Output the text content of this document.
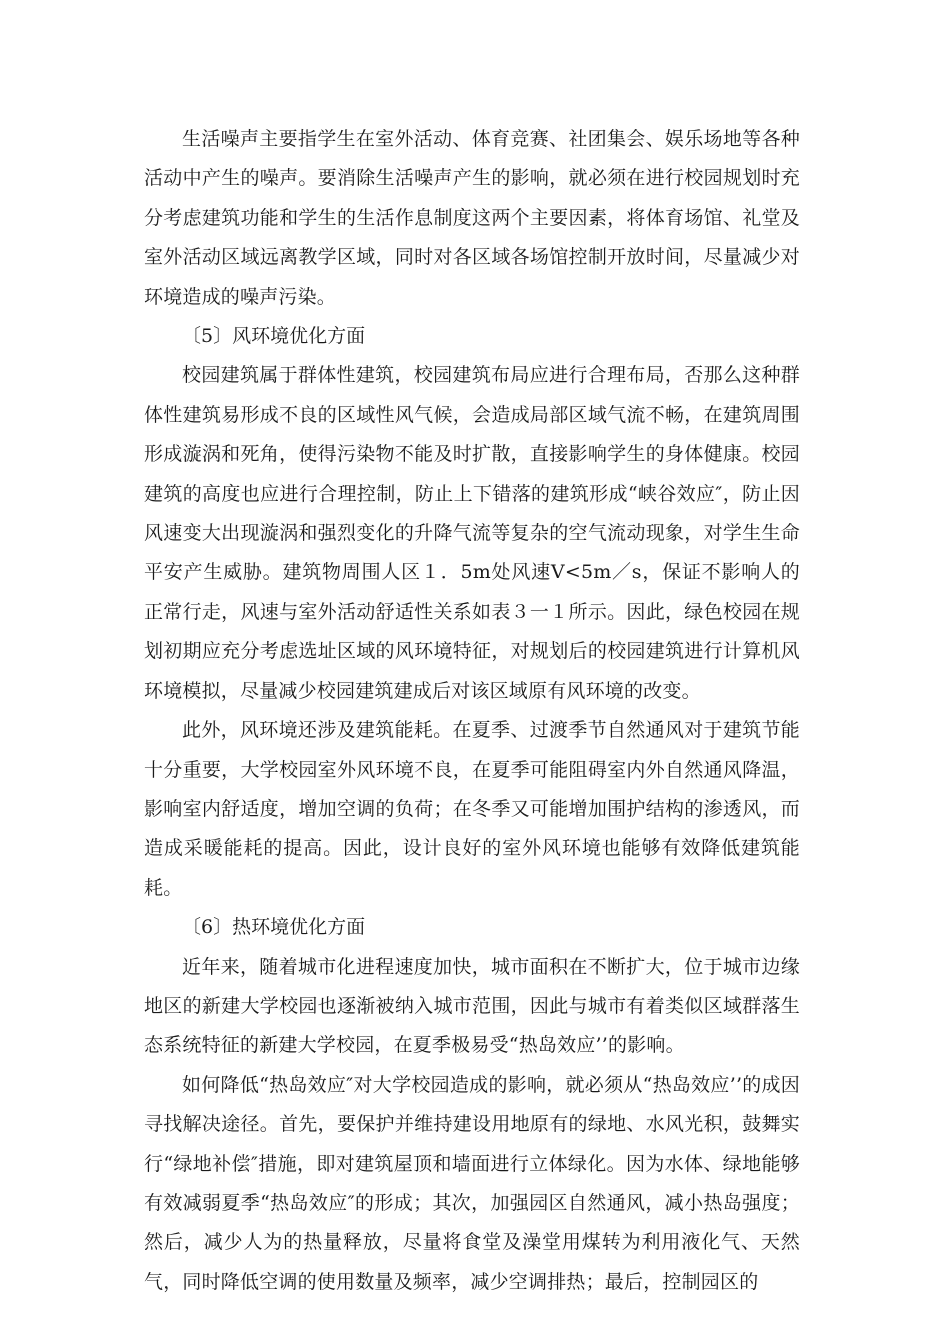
生活噪声主要指学生在室外活动、体育竞赛、社团集会、娱乐场地等各种活动中产生的噪声。要消除生活噪声产生的影响，就必须在进行校园规划时充分考虑建筑功能和学生的生活作息制度这两个主要因素，将体育场馆、礼堂及室外活动区域远离教学区域，同时对各区域各场馆控制开放时间，尽量减少对环境造成的噪声污染。

〔5〕风环境优化方面

校园建筑属于群体性建筑，校园建筑布局应进行合理布局，否那么这种群体性建筑易形成不良的区域性风气候，会造成局部区域气流不畅，在建筑周围形成漩涡和死角，使得污染物不能及时扩散，直接影响学生的身体健康。校园建筑的高度也应进行合理控制，防止上下错落的建筑形成“峡谷效应″，防止因风速变大出现漩涡和强烈变化的升降气流等复杂的空气流动现象，对学生生命平安产生威胁。建筑物周围人区１．5m处风速V<5m／s，保证不影响人的正常行走，风速与室外活动舒适性关系如表３一１所示。因此，绿色校园在规划初期应充分考虑选址区域的风环境特征，对规划后的校园建筑进行计算机风环境模拟，尽量减少校园建筑建成后对该区域原有风环境的改变。

此外，风环境还涉及建筑能耗。在夏季、过渡季节自然通风对于建筑节能十分重要，大学校园室外风环境不良，在夏季可能阻碍室内外自然通风降温，影响室内舒适度，增加空调的负荷；在冬季又可能增加围护结构的渗透风，而造成采暖能耗的提高。因此，设计良好的室外风环境也能够有效降低建筑能耗。

〔6〕热环境优化方面

近年来，随着城市化进程速度加快，城市面积在不断扩大，位于城市边缘地区的新建大学校园也逐渐被纳入城市范围，因此与城市有着类似区域群落生态系统特征的新建大学校园，在夏季极易受“热岛效应’’的影响。

如何降低“热岛效应″对大学校园造成的影响，就必须从“热岛效应’’的成因寻找解决途径。首先，要保护并维持建设用地原有的绿地、水风光积，鼓舞实行“绿地补偿″措施，即对建筑屋顶和墙面进行立体绿化。因为水体、绿地能够有效减弱夏季“热岛效应″的形成；其次，加强园区自然通风，减小热岛强度；然后，减少人为的热量释放，尽量将食堂及澡堂用煤转为利用液化气、天然气，同时降低空调的使用数量及频率，减少空调排热；最后，控制园区的
